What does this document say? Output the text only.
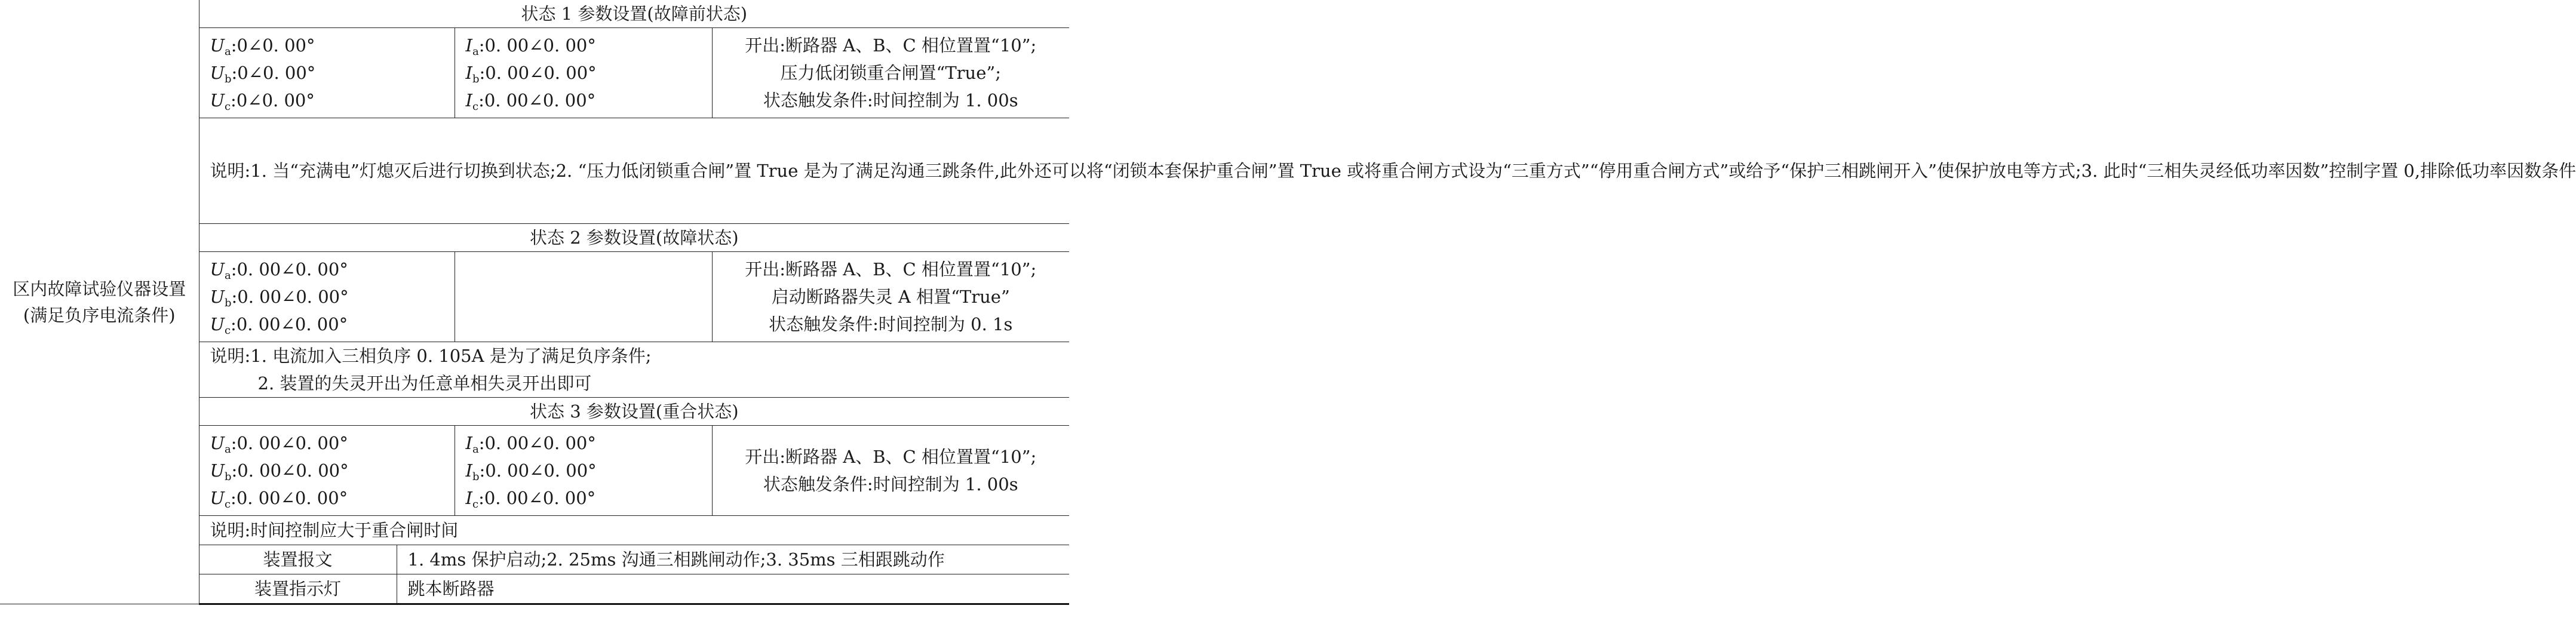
区内故障试验仪器设置
(满足负序电流条件)	状态 1 参数设置(故障前状态)			

	$U_a:0\angle 0$. 00°
$U_b:0\angle 0$. 00°
$U_c:0\angle 0$. 00°		$I_a:0$. 00∠0. 00°
$I_b:0$. 00∠0. 00°
$I_c:0$. 00∠0. 00°	开出:断路器 A、B、C 相位置置“10”;
压力低闭锁重合闸置“True”;
状态触发条件:时间控制为 1. 00s

	说明:1. 当“充满电”灯熄灭后进行切换到状态;2. “压力低闭锁重合闸”置 True 是为了满足沟通三跳条件,此外还可以将“闭锁本套保护重合闸”置 True 或将重合闸方式设为“三重方式”“停用重合闸方式”或给予“保护三相跳闸开入”使保护放电等方式;3. 此时“三相失灵经低功率因数”控制字置 0,排除低功率因数条件			
	状态 2 参数设置(故障状态)			

	$U_a:0$. 00∠0. 00°
$U_b:0$. 00∠0. 00°
$U_c:0$. 00∠0. 00°			开出:断路器 A、B、C 相位置置“10”;
启动断路器失灵 A 相置“True”
状态触发条件:时间控制为 0. 1s

	说明:1. 电流加入三相负序 0. 105A 是为了满足负序条件;
2. 装置的失灵开出为任意单相失灵开出即可			

	状态 3 参数设置(重合状态)			

	$U_a:0$. 00∠0. 00°
$U_b:0$. 00∠0. 00°
$U_c:0$. 00∠0. 00°		$I_a:0$. 00∠0. 00°
$I_b:0$. 00∠0. 00°
$I_c:0$. 00∠0. 00°	开出:断路器 A、B、C 相位置置“10”;
状态触发条件:时间控制为 1. 00s

	说明:时间控制应大于重合闸时间			
	装置报文	1. 4ms 保护启动;2. 25ms 沟通三相跳闸动作;3. 35ms 三相跟跳动作		
	装置指示灯	跳本断路器		
